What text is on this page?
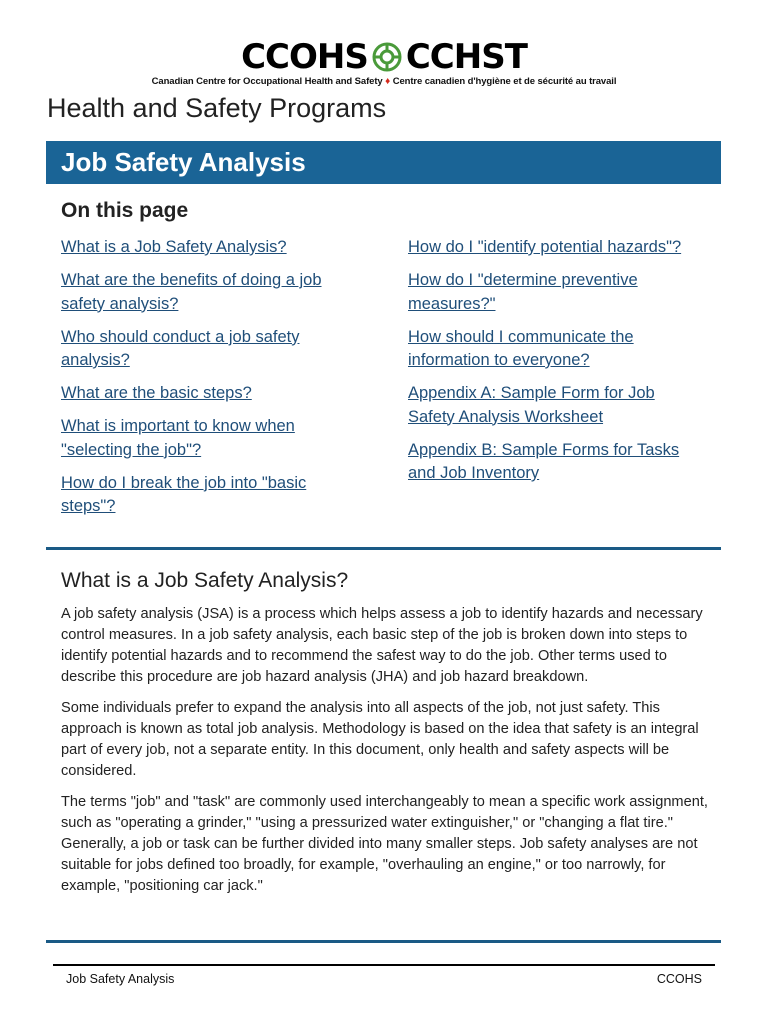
CCOHS CCHST
Canadian Centre for Occupational Health and Safety ♦ Centre canadien d'hygiène et de sécurité au travail
Health and Safety Programs
Job Safety Analysis
On this page
What is a Job Safety Analysis?
What are the benefits of doing a job safety analysis?
Who should conduct a job safety analysis?
What are the basic steps?
What is important to know when "selecting the job"?
How do I break the job into "basic steps"?
How do I "identify potential hazards"?
How do I "determine preventive measures?"
How should I communicate the information to everyone?
Appendix A: Sample Form for Job Safety Analysis Worksheet
Appendix B: Sample Forms for Tasks and Job Inventory
What is a Job Safety Analysis?

A job safety analysis (JSA) is a process which helps assess a job to identify hazards and necessary control measures. In a job safety analysis, each basic step of the job is broken down into steps to identify potential hazards and to recommend the safest way to do the job. Other terms used to describe this procedure are job hazard analysis (JHA) and job hazard breakdown.

Some individuals prefer to expand the analysis into all aspects of the job, not just safety. This approach is known as total job analysis. Methodology is based on the idea that safety is an integral part of every job, not a separate entity. In this document, only health and safety aspects will be considered.

The terms "job" and "task" are commonly used interchangeably to mean a specific work assignment, such as "operating a grinder," "using a pressurized water extinguisher," or "changing a flat tire." Generally, a job or task can be further divided into many smaller steps. Job safety analyses are not suitable for jobs defined too broadly, for example, "overhauling an engine," or too narrowly, for example, "positioning car jack."

Job Safety Analysis	CCOHS
